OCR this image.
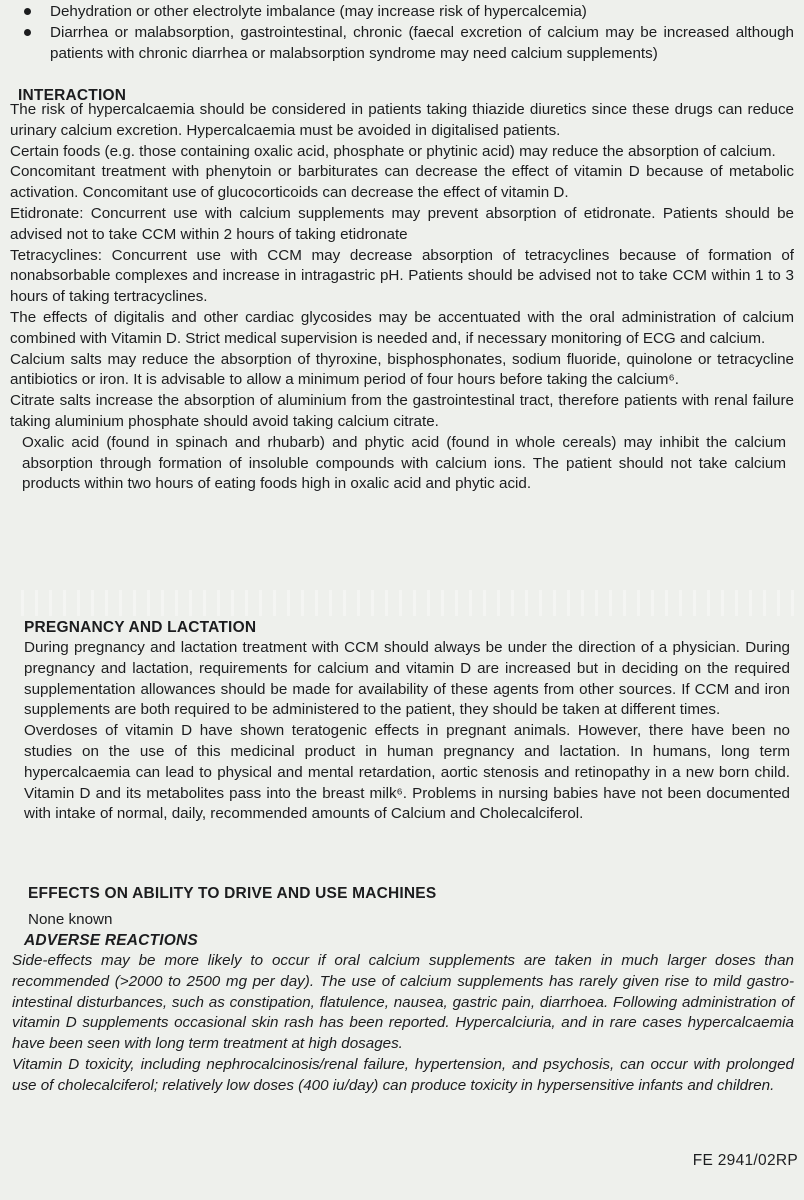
Dehydration or other electrolyte imbalance (may increase risk of hypercalcemia)

Diarrhea or malabsorption, gastrointestinal, chronic (faecal excretion of calcium may be increased although patients with chronic diarrhea or malabsorption syndrome may need calcium supplements)

INTERACTION

The risk of hypercalcaemia should be considered in patients taking thiazide diuretics since these drugs can reduce urinary calcium excretion. Hypercalcaemia must be avoided in digitalised patients.

Certain foods (e.g. those containing oxalic acid, phosphate or phytinic acid) may reduce the absorption of calcium.

Concomitant treatment with phenytoin or barbiturates can decrease the effect of vitamin D because of metabolic activation. Concomitant use of glucocorticoids can decrease the effect of vitamin D.

Etidronate: Concurrent use with calcium supplements may prevent absorption of etidronate. Patients should be advised not to take CCM within 2 hours of taking etidronate

Tetracyclines: Concurrent use with CCM may decrease absorption of tetracyclines because of formation of nonabsorbable complexes and increase in intragastric pH. Patients should be advised not to take CCM within 1 to 3 hours of taking tertracyclines.

The effects of digitalis and other cardiac glycosides may be accentuated with the oral administration of calcium combined with Vitamin D. Strict medical supervision is needed and, if necessary monitoring of ECG and calcium.

Calcium salts may reduce the absorption of thyroxine, bisphosphonates, sodium fluoride, quinolone or tetracycline antibiotics or iron. It is advisable to allow a minimum period of four hours before taking the calcium⁶.

Citrate salts increase the absorption of aluminium from the gastrointestinal tract, therefore patients with renal failure taking aluminium phosphate should avoid taking calcium citrate.

Oxalic acid (found in spinach and rhubarb) and phytic acid (found in whole cereals) may inhibit the calcium absorption through formation of insoluble compounds with calcium ions. The patient should not take calcium products within two hours of eating foods high in oxalic acid and phytic acid.

PREGNANCY AND LACTATION

During pregnancy and lactation treatment with CCM should always be under the direction of a physician. During pregnancy and lactation, requirements for calcium and vitamin D are increased but in deciding on the required supplementation allowances should be made for availability of these agents from other sources. If CCM and iron supplements are both required to be administered to the patient, they should be taken at different times.

Overdoses of vitamin D have shown teratogenic effects in pregnant animals. However, there have been no studies on the use of this medicinal product in human pregnancy and lactation. In humans, long term hypercalcaemia can lead to physical and mental retardation, aortic stenosis and retinopathy in a new born child. Vitamin D and its metabolites pass into the breast milk⁶. Problems in nursing babies have not been documented with intake of normal, daily, recommended amounts of Calcium and Cholecalciferol.

EFFECTS ON ABILITY TO DRIVE AND USE MACHINES

None known

ADVERSE REACTIONS

Side-effects may be more likely to occur if oral calcium supplements are taken in much larger doses than recommended (>2000 to 2500 mg per day). The use of calcium supplements has rarely given rise to mild gastro-intestinal disturbances, such as constipation, flatulence, nausea, gastric pain, diarrhoea. Following administration of vitamin D supplements occasional skin rash has been reported. Hypercalciuria, and in rare cases hypercalcaemia have been seen with long term treatment at high dosages.

Vitamin D toxicity, including nephrocalcinosis/renal failure, hypertension, and psychosis, can occur with prolonged use of cholecalciferol; relatively low doses (400 iu/day) can produce toxicity in hypersensitive infants and children.

FE 2941/02RP
